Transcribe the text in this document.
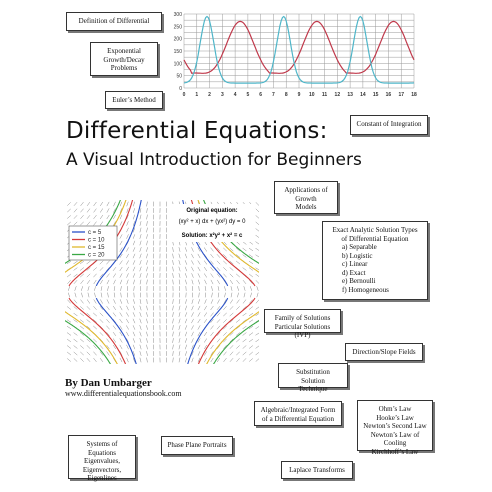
Definition of Differential
Exponential
Growth/Decay
Problems
Euler’s Method
300
250
200
150
100
50
0
0 1 2 3 4 5 6 7 8 9 10 11 12 13 14 15 16 17 18
Differential Equations:
A Visual Introduction for Beginners
Constant of Integration
Applications of
Growth
Models
Exact Analytic Solution Types
of Differential Equation
a) Separable
b) Logistic
c) Linear
d) Exact
e) Bernoulli
f) Homogeneous
c = 5
c = 10
c = 15
c = 20
Original equation:
(xy² + x) dx + (yx²) dy = 0
Solution: x²y² + x² = c
Family of Solutions
Particular Solutions (IVP)
Direction/Slope Fields
Substitution Solution
Technique
By Dan Umbarger
www.differentialequationsbook.com
Algebraic/Integrated Form
of a Differential Equation
Ohm’s Law
Hooke’s Law
Newton’s Second Law
Newton’s Law of Cooling
Kirchhoff’s Law
Systems of Equations
Eigenvalues,
Eigenvectors,
Eigenlines
Phase Plane Portraits
Laplace Transforms
